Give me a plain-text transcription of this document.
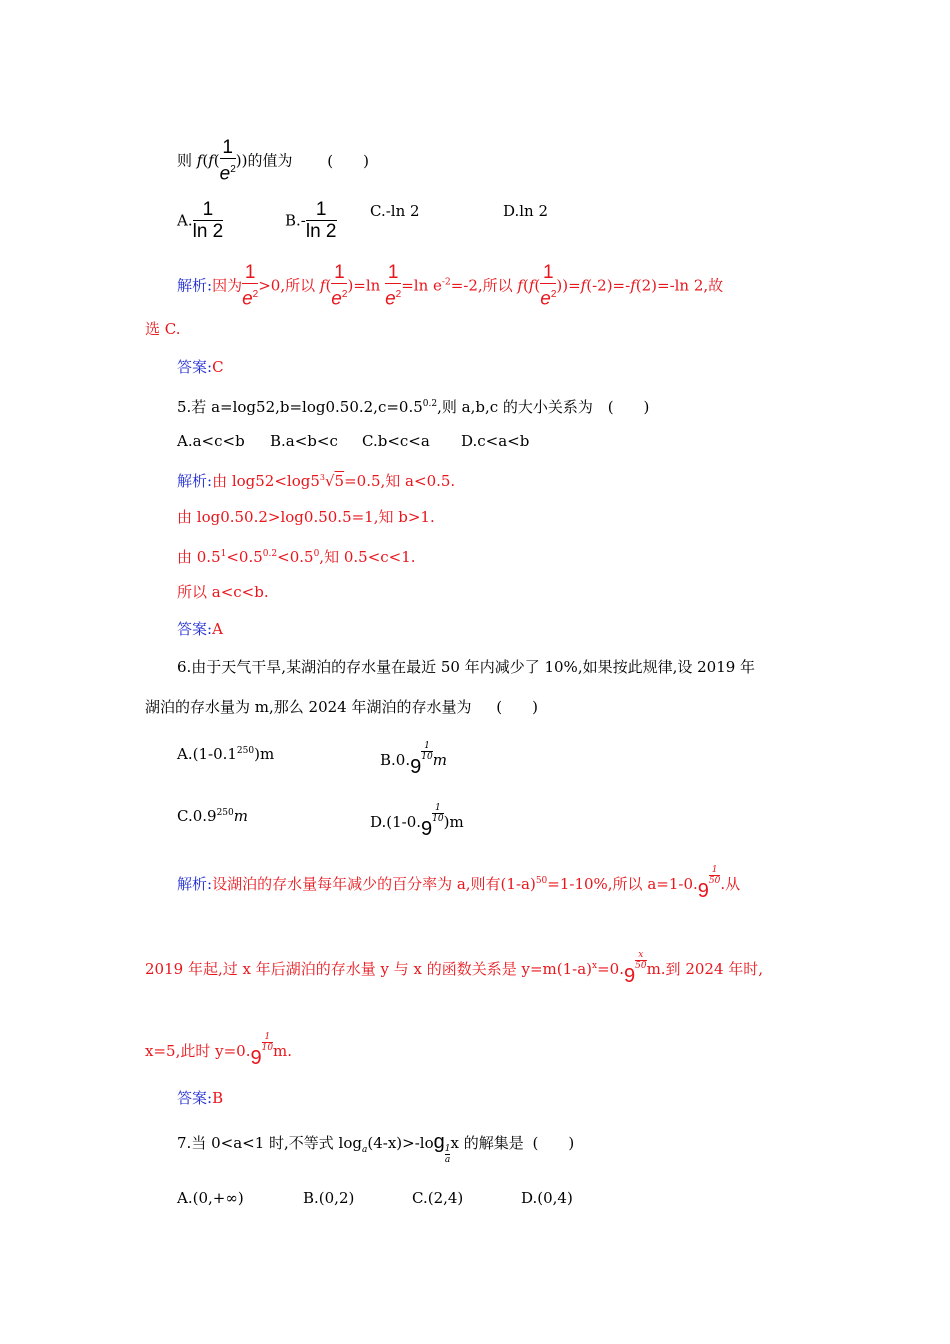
则 $f(f( \frac{1}{e^2}$ ))的值为 (　　)
A. $\frac{1}{\ln 2}$	$B.- \frac{1}{\ln 2} C.-\ln$ 2	D.ln 2
解析:因为 $\frac{1}{e^2} >0$,所以 $f( \frac{1}{e^2} )=\ln \frac{1}{e^2} =\ln$ $e^{-2}=-2$,所以 $f(f( \frac{1}{e^2} ))=f(-2)=-f(2)=-\ln$ 2,故
选 C.
答案:C
5.若 $a=\log 52,b=\log 0.50.2,c=0.5^{0.2}$,则 a,b,c 的大小关系为 (　　)
A.a<c<b B.a<b<c C.b<c<a D.c<a<b
解析:由 $\log 52<\log 5^3√5=0.5$,知 a<0.5.
由 log0.50.2>log0.50.5=1,知 b>1.
由 $0.5^1<0.5^{0.2}<0.5^0$,知 0.5<c<1.
所以 a<c<b.
答案:A
6.由于天气干旱,某湖泊的存水量在最近 50 年内减少了 10%,如果按此规律,设 2019 年
湖泊的存水量为 m,那么 2024 年湖泊的存水量为 (　　)
$A.(1-0.1^{250})m$	B.0.9
$\frac{1}{10}$ m
C.0.9$^{250}$m	D.(1-0.9
$\frac{1}{10} )m$
解析:设湖泊的存水量每年减少的百分率为 a,则有$(1-a)^{50}=1-10\%$,所以 a=1-0.9
$\frac{1}{50}$ .从
2019 年起,过 x 年后湖泊的存水量 y 与 x 的函数关系是 $y=m(1-a)^x=0.9$
$\frac{x}{50} m$.到 2024 年时,
x=5,此时 y=0.9
$\frac{1}{10} m$.
答案:B
7.当 0<a<1 时,不等式 $\log_a(4-x)>-\log$
$\frac{1}{a}$
x 的解集是 (　　)
A.(0,+∞)	B.(0,2)	C.(2,4)	D.(0,4)
